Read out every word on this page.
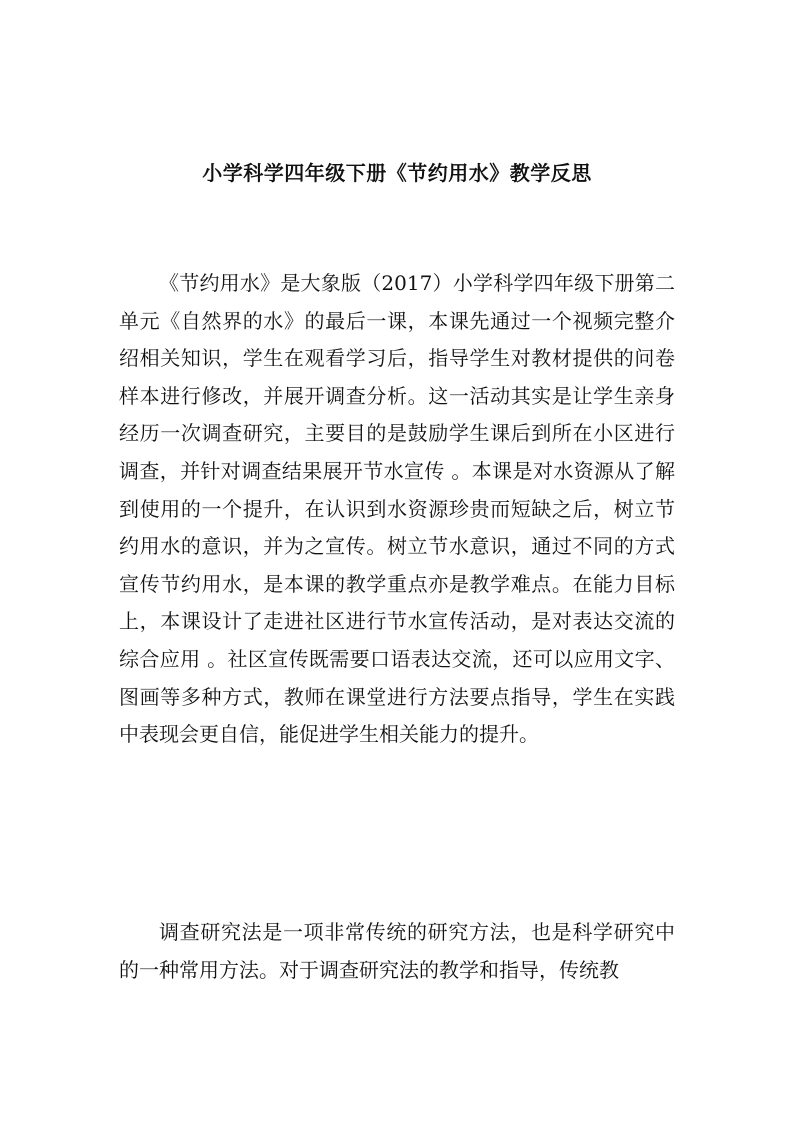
小学科学四年级下册《节约用水》教学反思

《节约用水》是大象版（2017）小学科学四年级下册第二单元《自然界的水》的最后一课，本课先通过一个视频完整介绍相关知识，学生在观看学习后，指导学生对教材提供的问卷样本进行修改，并展开调查分析。这一活动其实是让学生亲身经历一次调查研究，主要目的是鼓励学生课后到所在小区进行调查，并针对调查结果展开节水宣传 。本课是对水资源从了解到使用的一个提升，在认识到水资源珍贵而短缺之后，树立节约用水的意识，并为之宣传。树立节水意识，通过不同的方式宣传节约用水，是本课的教学重点亦是教学难点。在能力目标上，本课设计了走进社区进行节水宣传活动，是对表达交流的综合应用 。社区宣传既需要口语表达交流，还可以应用文字、图画等多种方式，教师在课堂进行方法要点指导，学生在实践中表现会更自信，能促进学生相关能力的提升。

调查研究法是一项非常传统的研究方法，也是科学研究中的一种常用方法。对于调查研究法的教学和指导，传统教
